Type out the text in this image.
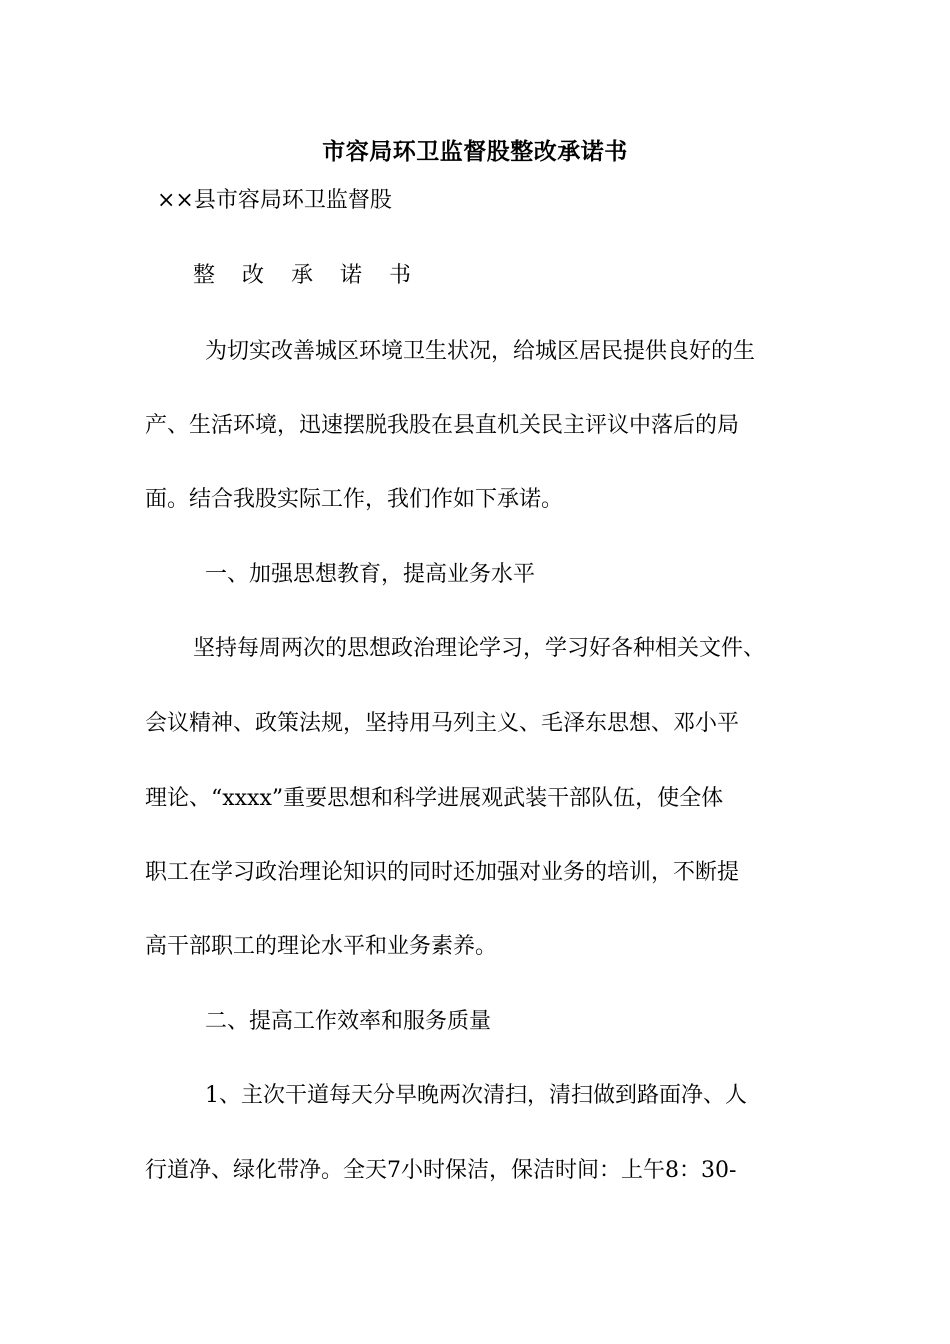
市容局环卫监督股整改承诺书
××县市容局环卫监督股
整 改 承 诺 书
为切实改善城区环境卫生状况，给城区居民提供良好的生
产、生活环境，迅速摆脱我股在县直机关民主评议中落后的局
面。结合我股实际工作，我们作如下承诺。
一、加强思想教育，提高业务水平
坚持每周两次的思想政治理论学习，学习好各种相关文件、
会议精神、政策法规，坚持用马列主义、毛泽东思想、邓小平
理论、“xxxx”重要思想和科学进展观武装干部队伍，使全体
职工在学习政治理论知识的同时还加强对业务的培训，不断提
高干部职工的理论水平和业务素养。
二、提高工作效率和服务质量
1、主次干道每天分早晚两次清扫，清扫做到路面净、人
行道净、绿化带净。全天7小时保洁，保洁时间：上午8：30-
